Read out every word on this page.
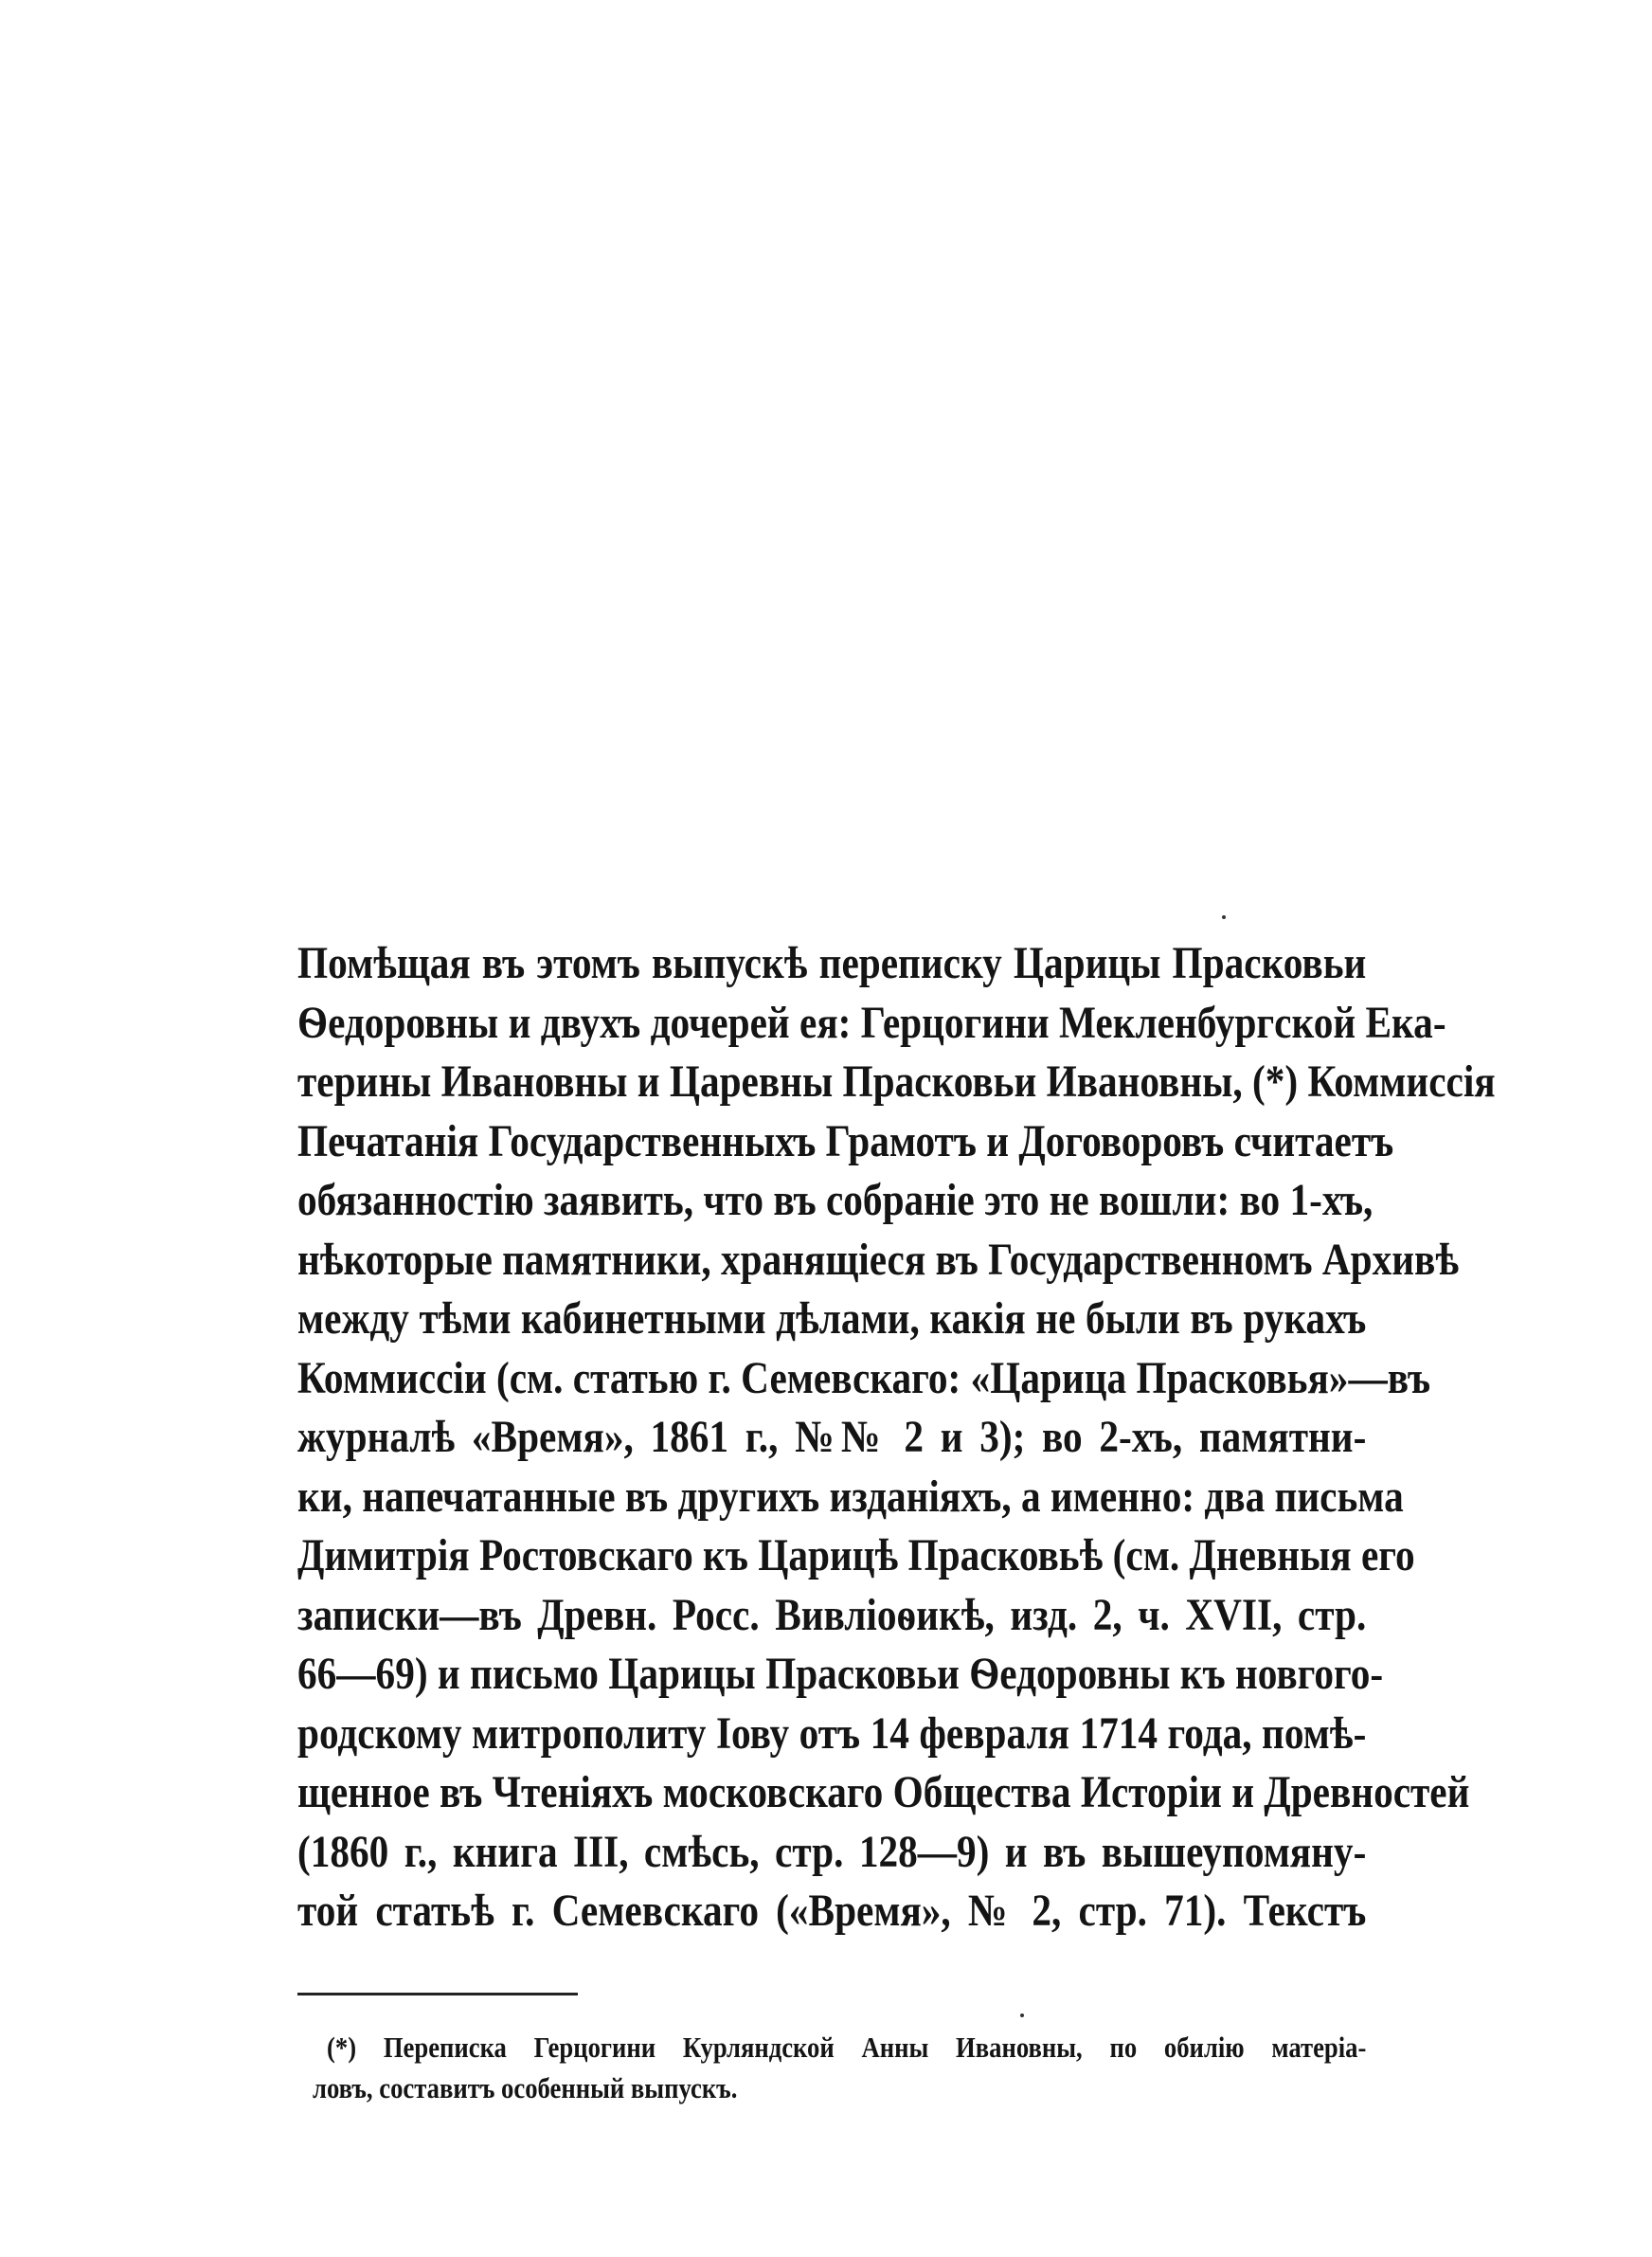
Помѣщая въ этомъ выпускѣ переписку Царицы Прасковьи
Ѳедоровны и двухъ дочерей ея: Герцогини Мекленбургской Ека-
терины Ивановны и Царевны Прасковьи Ивановны, (*) Коммиссія
Печатанія Государственныхъ Грамотъ и Договоровъ считаетъ
обязанностію заявить, что въ собраніе это не вошли: во 1-хъ,
нѣкоторые памятники, хранящіеся въ Государственномъ Архивѣ
между тѣми кабинетными дѣлами, какія не были въ рукахъ
Коммиссіи (см. статью г. Семевскаго: «Царица Прасковья»—въ
журналѣ «Время», 1861 г., №№ 2 и 3); во 2-хъ, памятни-
ки, напечатанные въ другихъ изданіяхъ, а именно: два письма
Димитрія Ростовскаго къ Царицѣ Прасковьѣ (см. Дневныя его
записки—въ Древн. Росс. Вивліоѳикѣ, изд. 2, ч. XVII, стр.
66—69) и письмо Царицы Прасковьи Ѳедоровны къ новгого-
родскому митрополиту Іову отъ 14 февраля 1714 года, помѣ-
щенное въ Чтеніяхъ московскаго Общества Исторіи и Древностей
(1860 г., книга III, смѣсь, стр. 128—9) и въ вышеупомяну-
той статьѣ г. Семевскаго («Время», № 2, стр. 71). Текстъ
(*) Переписка Герцогини Курляндской Анны Ивановны, по обилію матеріа-
ловъ, составитъ особенный выпускъ.
